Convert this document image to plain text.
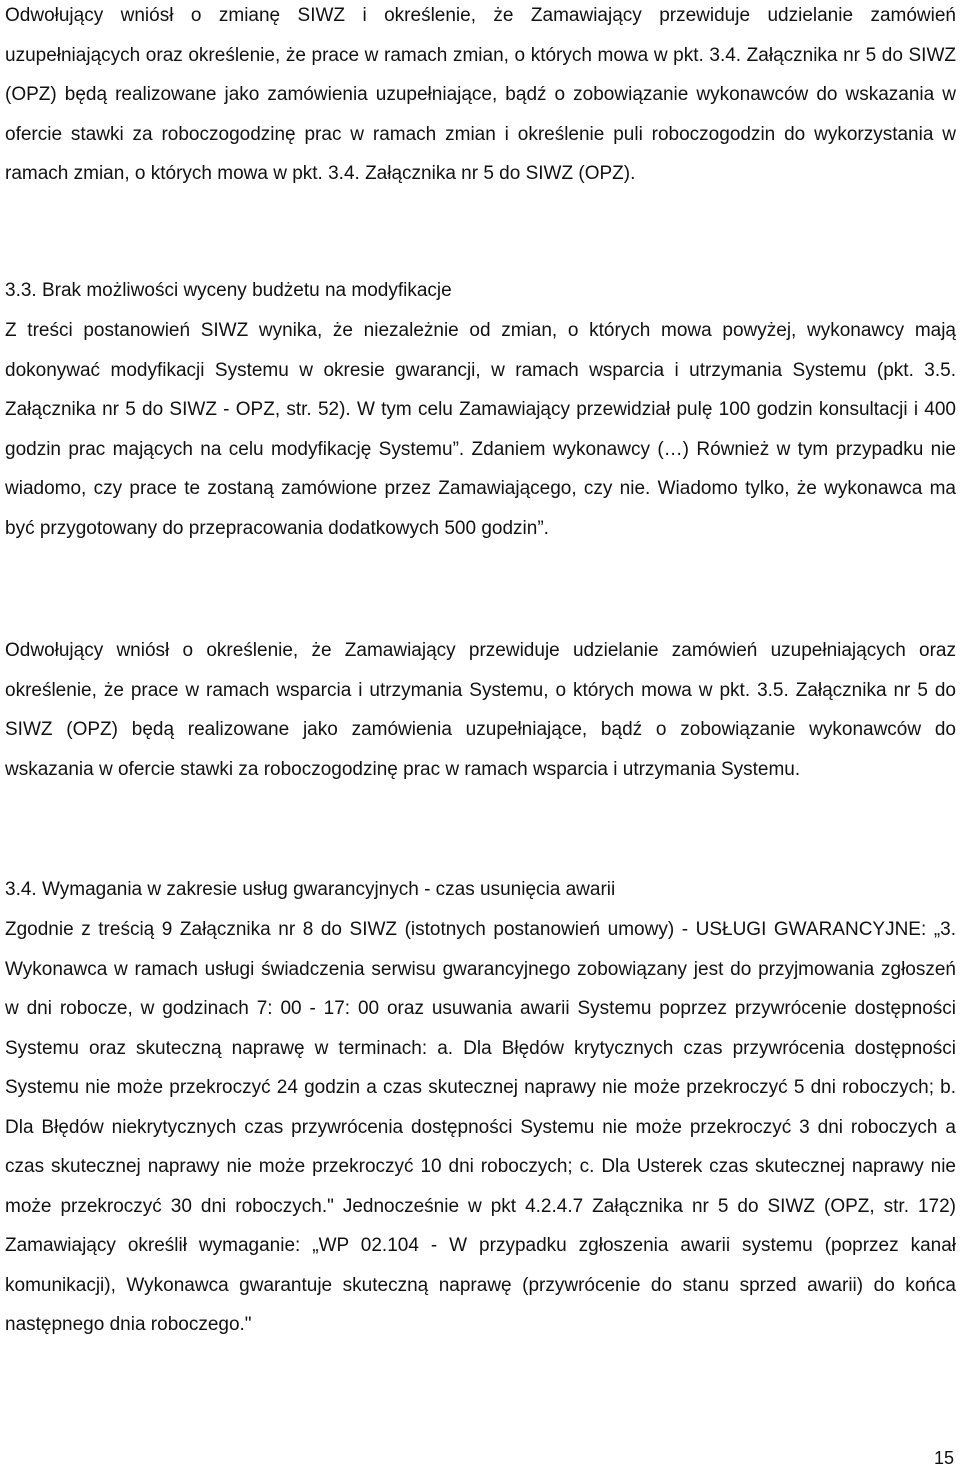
Odwołujący wniósł o zmianę SIWZ i określenie, że Zamawiający przewiduje udzielanie zamówień uzupełniających oraz określenie, że prace w ramach zmian, o których mowa w pkt. 3.4. Załącznika nr 5 do SIWZ (OPZ) będą realizowane jako zamówienia uzupełniające, bądź o zobowiązanie wykonawców do wskazania w ofercie stawki za roboczogodzinę prac w ramach zmian i określenie puli roboczogodzin do wykorzystania w ramach zmian, o których mowa w pkt. 3.4. Załącznika nr 5 do SIWZ (OPZ).

3.3. Brak możliwości wyceny budżetu na modyfikacje

Z treści postanowień SIWZ wynika, że niezależnie od zmian, o których mowa powyżej, wykonawcy mają dokonywać modyfikacji Systemu w okresie gwarancji, w ramach wsparcia i utrzymania Systemu (pkt. 3.5. Załącznika nr 5 do SIWZ - OPZ, str. 52). W tym celu Zamawiający przewidział pulę 100 godzin konsultacji i 400 godzin prac mających na celu modyfikację Systemu”. Zdaniem wykonawcy (…) Również w tym przypadku nie wiadomo, czy prace te zostaną zamówione przez Zamawiającego, czy nie. Wiadomo tylko, że wykonawca ma być przygotowany do przepracowania dodatkowych 500 godzin”.

Odwołujący wniósł o określenie, że Zamawiający przewiduje udzielanie zamówień uzupełniających oraz określenie, że prace w ramach wsparcia i utrzymania Systemu, o których mowa w pkt. 3.5. Załącznika nr 5 do SIWZ (OPZ) będą realizowane jako zamówienia uzupełniające, bądź o zobowiązanie wykonawców do wskazania w ofercie stawki za roboczogodzinę prac w ramach wsparcia i utrzymania Systemu.

3.4. Wymagania w zakresie usług gwarancyjnych - czas usunięcia awarii

Zgodnie z treścią 9 Załącznika nr 8 do SIWZ (istotnych postanowień umowy) - USŁUGI GWARANCYJNE: „3. Wykonawca w ramach usługi świadczenia serwisu gwarancyjnego zobowiązany jest do przyjmowania zgłoszeń w dni robocze, w godzinach 7: 00 - 17: 00 oraz usuwania awarii Systemu poprzez przywrócenie dostępności Systemu oraz skuteczną naprawę w terminach: a. Dla Błędów krytycznych czas przywrócenia dostępności Systemu nie może przekroczyć 24 godzin a czas skutecznej naprawy nie może przekroczyć 5 dni roboczych; b. Dla Błędów niekrytycznych czas przywrócenia dostępności Systemu nie może przekroczyć 3 dni roboczych a czas skutecznej naprawy nie może przekroczyć 10 dni roboczych; c. Dla Usterek czas skutecznej naprawy nie może przekroczyć 30 dni roboczych." Jednocześnie w pkt 4.2.4.7 Załącznika nr 5 do SIWZ (OPZ, str. 172) Zamawiający określił wymaganie: „WP 02.104 - W przypadku zgłoszenia awarii systemu (poprzez kanał komunikacji), Wykonawca gwarantuje skuteczną naprawę (przywrócenie do stanu sprzed awarii) do końca następnego dnia roboczego."

15
